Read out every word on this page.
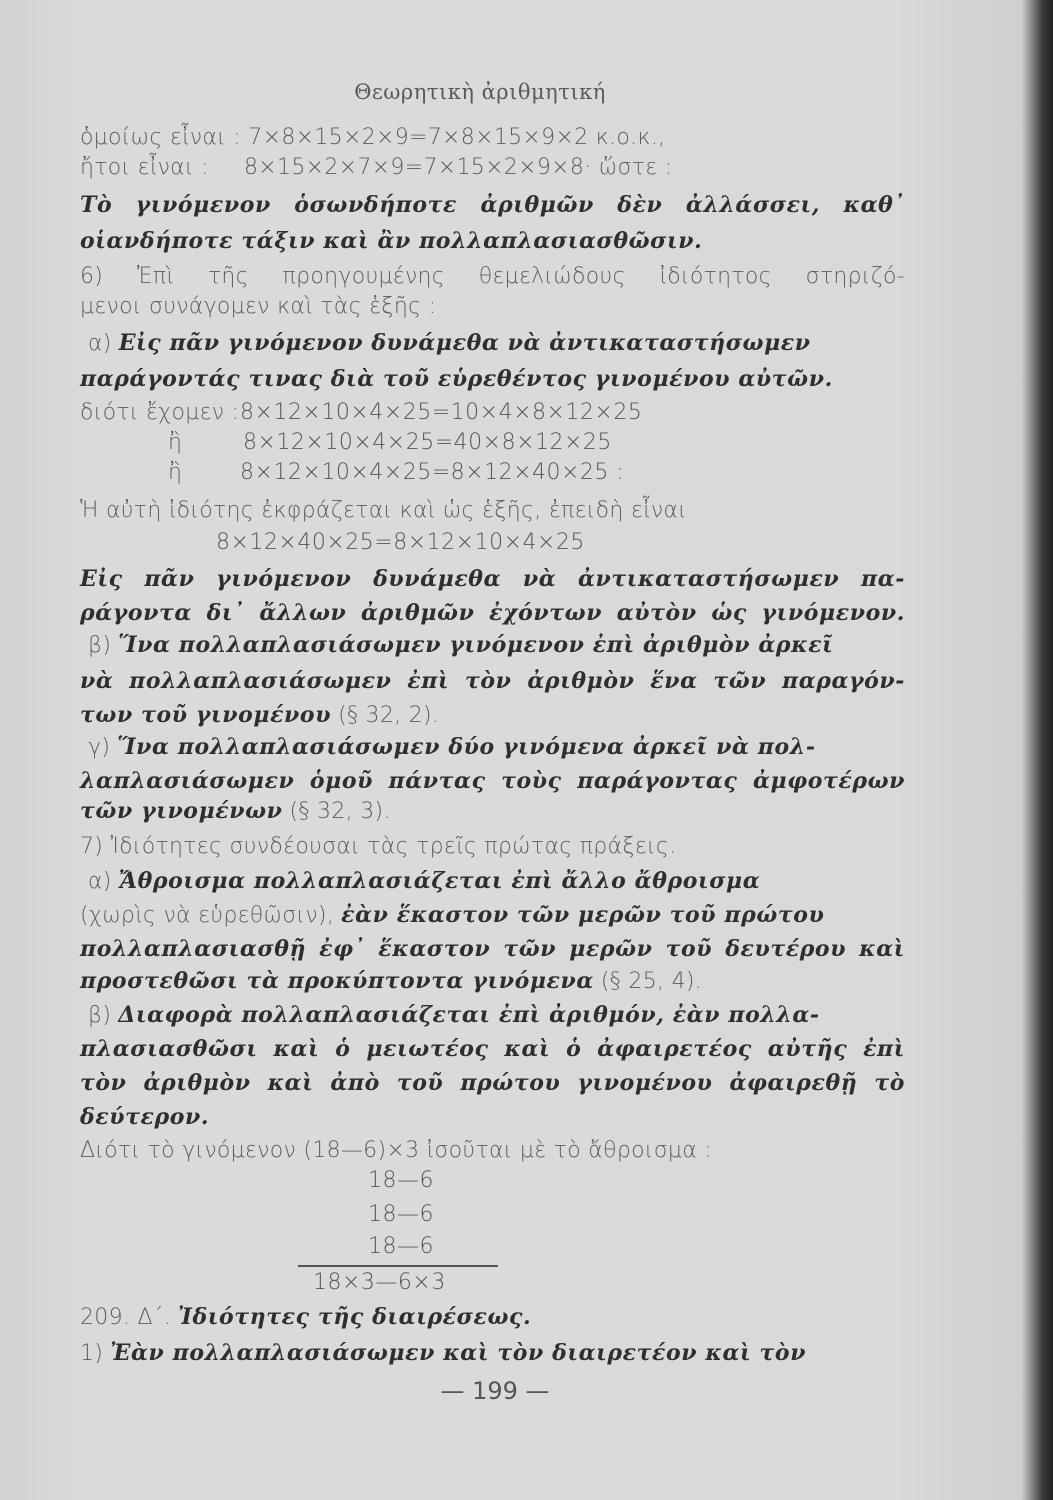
Θεωρητικὴ ἀριθμητική
ὁμοίως εἶναι : 7×8×15×2×9=7×8×15×9×2 κ.ο.κ.,
ἤτοι εἶναι : 8×15×2×7×9=7×15×2×9×8· ὥστε :
Τὸ γινόμενον ὁσωνδήποτε ἀριθμῶν δὲν ἀλλάσσει, καθ᾽
οἱανδήποτε τάξιν καὶ ἂν πολλαπλασιασθῶσιν.
6) Ἐπὶ τῆς προηγουμένης θεμελιώδους ἰδιότητος στηριζό-
μενοι συνάγομεν καὶ τὰς ἑξῆς :
α) Εἰς πᾶν γινόμενον δυνάμεθα νὰ ἀντικαταστήσωμεν
παράγοντάς τινας διὰ τοῦ εὑρεθέντος γινομένου αὐτῶν.
διότι ἔχομεν : 8×12×10×4×25=10×4×8×12×25
ἢ	8×12×10×4×25=40×8×12×25
ἢ	8×12×10×4×25=8×12×40×25 :
Ἡ αὐτὴ ἰδιότης ἐκφράζεται καὶ ὡς ἑξῆς, ἐπειδὴ εἶναι
8×12×40×25=8×12×10×4×25
Εἰς πᾶν γινόμενον δυνάμεθα νὰ ἀντικαταστήσωμεν πα-
ράγοντα δι᾽ ἄλλων ἀριθμῶν ἐχόντων αὐτὸν ὡς γινόμενον.
β) Ἵνα πολλαπλασιάσωμεν γινόμενον ἐπὶ ἀριθμὸν ἀρκεῖ
νὰ πολλαπλασιάσωμεν ἐπὶ τὸν ἀριθμὸν ἕνα τῶν παραγόν-
των τοῦ γινομένου (§ 32, 2).
γ) Ἵνα πολλαπλασιάσωμεν δύο γινόμενα ἀρκεῖ νὰ πολ-
λαπλασιάσωμεν ὁμοῦ πάντας τοὺς παράγοντας ἀμφοτέρων
τῶν γινομένων (§ 32, 3).
7) Ἰδιότητες συνδέουσαι τὰς τρεῖς πρώτας πράξεις.
α) Ἄθροισμα πολλαπλασιάζεται ἐπὶ ἄλλο ἄθροισμα
(χωρὶς νὰ εὑρεθῶσιν), ἐὰν ἕκαστον τῶν μερῶν τοῦ πρώτου
πολλαπλασιασθῇ ἐφ᾽ ἕκαστον τῶν μερῶν τοῦ δευτέρου καὶ
προστεθῶσι τὰ προκύπτοντα γινόμενα (§ 25, 4).
β) Διαφορὰ πολλαπλασιάζεται ἐπὶ ἀριθμόν, ἐὰν πολλα-
πλασιασθῶσι καὶ ὁ μειωτέος καὶ ὁ ἀφαιρετέος αὐτῆς ἐπὶ
τὸν ἀριθμὸν καὶ ἀπὸ τοῦ πρώτου γινομένου ἀφαιρεθῇ τὸ
δεύτερον.
Διότι τὸ γινόμενον (18—6)×3 ἰσοῦται μὲ τὸ ἄθροισμα :
18—6
18—6
18—6
18×3—6×3
209. Δ΄. Ἰδιότητες τῆς διαιρέσεως.
1) Ἐὰν πολλαπλασιάσωμεν καὶ τὸν διαιρετέον καὶ τὸν
— 199 —
